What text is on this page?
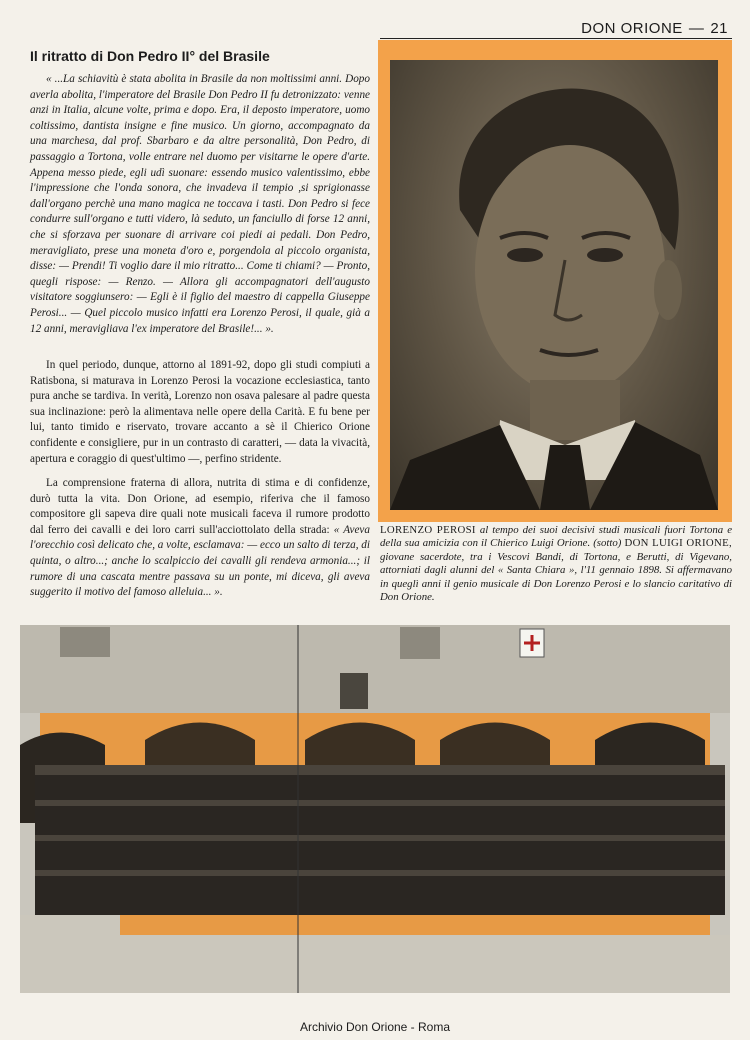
DON ORIONE — 21
Il ritratto di Don Pedro II° del Brasile

« ...La schiavitù è stata abolita in Brasile da non moltissimi anni. Dopo averla abolita, l'imperatore del Brasile Don Pedro II fu detronizzato: venne anzi in Italia, alcune volte, prima e dopo. Era, il deposto imperatore, uomo coltissimo, dantista insigne e fine musico. Un giorno, accompagnato da una marchesa, dal prof. Sbarbaro e da altre personalità, Don Pedro, di passaggio a Tortona, volle entrare nel duomo per visitarne le opere d'arte. Appena messo piede, egli udì suonare: essendo musico valentissimo, ebbe l'impressione che l'onda sonora, che invadeva il tempio ,si sprigionasse dall'organo perchè una mano magica ne toccava i tasti. Don Pedro si fece condurre sull'organo e tutti videro, là seduto, un fanciullo di forse 12 anni, che si sforzava per suonare di arrivare coi piedi ai pedali. Don Pedro, meravigliato, prese una moneta d'oro e, porgendola al piccolo organista, disse: — Prendi! Ti voglio dare il mio ritratto... Come ti chiami? — Pronto, quegli rispose: — Renzo. — Allora gli accompagnatori dell'augusto visitatore soggiunsero: — Egli è il figlio del maestro di cappella Giuseppe Perosi... — Quel piccolo musico infatti era Lorenzo Perosi, il quale, già a 12 anni, meravigliava l'ex imperatore del Brasile!... ».

In quel periodo, dunque, attorno al 1891-92, dopo gli studi compiuti a Ratisbona, si maturava in Lorenzo Perosi la vocazione ecclesiastica, tanto pura anche se tardiva. In verità, Lorenzo non osava palesare al padre questa sua inclinazione: però la alimentava nelle opere della Carità. E fu bene per lui, tanto timido e riservato, trovare accanto a sè il Chierico Orione confidente e consigliere, pur in un contrasto di caratteri, — data la vivacità, apertura e coraggio di quest'ultimo —, perfino stridente.

La comprensione fraterna di allora, nutrita di stima e di confidenze, durò tutta la vita. Don Orione, ad esempio, riferiva che il famoso compositore gli sapeva dire quali note musicali faceva il rumore prodotto dal ferro dei cavalli e dei loro carri sull'acciottolato della strada: « Aveva l'orecchio così delicato che, a volte, esclamava: — ecco un salto di terza, di quinta, o altro...; anche lo scalpiccio dei cavalli gli rendeva armonia...; il rumore di una cascata mentre passava su un ponte, mi diceva, gli aveva suggerito il motivo del famoso alleluia... ».

LORENZO PEROSI al tempo dei suoi decisivi studi musicali fuori Tortona e della sua amicizia con il Chierico Luigi Orione. (sotto) DON LUIGI ORIONE, giovane sacerdote, tra i Vescovi Bandi, di Tortona, e Berutti, di Vigevano, attorniati dagli alunni del « Santa Chiara », l'11 gennaio 1898. Si affermavano in queglì anni il genio musicale di Don Lorenzo Perosi e lo slancio caritativo di Don Orione.
Archivio Don Orione - Roma
